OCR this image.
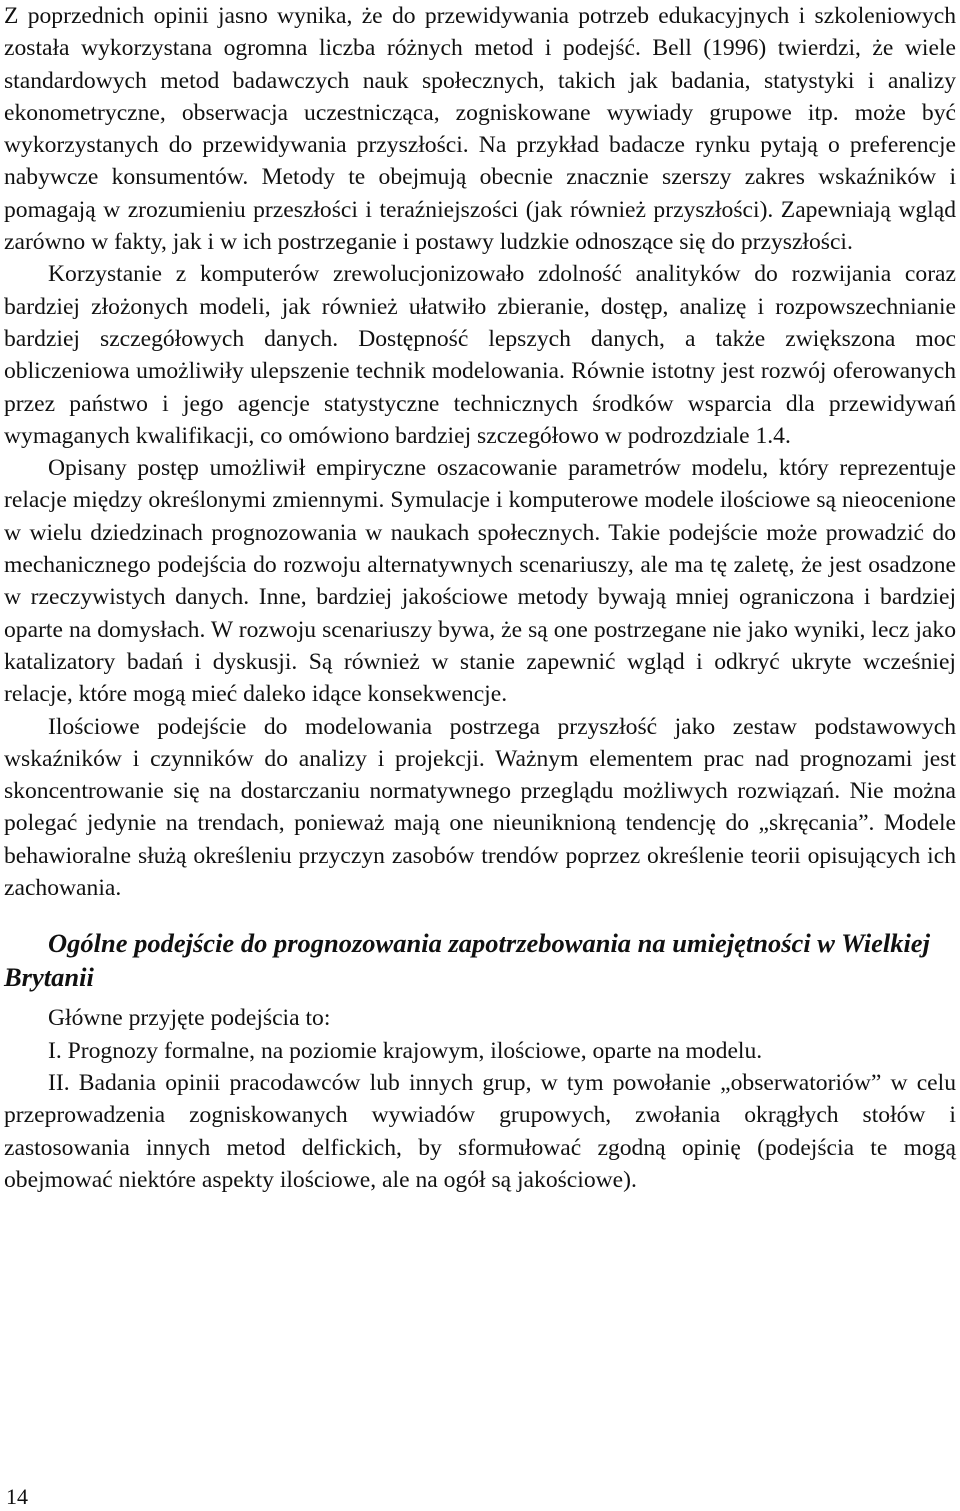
Z poprzednich opinii jasno wynika, że do przewidywania potrzeb edukacyjnych i szkoleniowych została wykorzystana ogromna liczba różnych metod i podejść. Bell (1996) twierdzi, że wiele standardowych metod badawczych nauk społecznych, takich jak badania, statystyki i analizy ekonometryczne, obserwacja uczestnicząca, zogniskowane wywiady grupowe itp. może być wykorzystanych do przewidywania przyszłości. Na przykład badacze rynku pytają o preferencje nabywcze konsumentów. Metody te obejmują obecnie znacznie szerszy zakres wskaźników i pomagają w zrozumieniu przeszłości i teraźniejszości (jak również przyszłości). Zapewniają wgląd zarówno w fakty, jak i w ich postrzeganie i postawy ludzkie odnoszące się do przyszłości.

Korzystanie z komputerów zrewolucjonizowało zdolność analityków do rozwijania coraz bardziej złożonych modeli, jak również ułatwiło zbieranie, dostęp, analizę i rozpowszechnianie bardziej szczegółowych danych. Dostępność lepszych danych, a także zwiększona moc obliczeniowa umożliwiły ulepszenie technik modelowania. Równie istotny jest rozwój oferowanych przez państwo i jego agencje statystyczne technicznych środków wsparcia dla przewidywań wymaganych kwalifikacji, co omówiono bardziej szczegółowo w podrozdziale 1.4.

Opisany postęp umożliwił empiryczne oszacowanie parametrów modelu, który reprezentuje relacje między określonymi zmiennymi. Symulacje i komputerowe modele ilościowe są nieocenione w wielu dziedzinach prognozowania w naukach społecznych. Takie podejście może prowadzić do mechanicznego podejścia do rozwoju alternatywnych scenariuszy, ale ma tę zaletę, że jest osadzone w rzeczywistych danych. Inne, bardziej jakościowe metody bywają mniej ograniczona i bardziej oparte na domysłach. W rozwoju scenariuszy bywa, że są one postrzegane nie jako wyniki, lecz jako katalizatory badań i dyskusji. Są również w stanie zapewnić wgląd i odkryć ukryte wcześniej relacje, które mogą mieć daleko idące konsekwencje.

Ilościowe podejście do modelowania postrzega przyszłość jako zestaw podstawowych wskaźników i czynników do analizy i projekcji. Ważnym elementem prac nad prognozami jest skoncentrowanie się na dostarczaniu normatywnego przeglądu możliwych rozwiązań. Nie można polegać jedynie na trendach, ponieważ mają one nieuniknioną tendencję do „skręcania”. Modele behawioralne służą określeniu przyczyn zasobów trendów poprzez określenie teorii opisujących ich zachowania.

Ogólne podejście do prognozowania zapotrzebowania na umiejętności w Wielkiej Brytanii

Główne przyjęte podejścia to:

I. Prognozy formalne, na poziomie krajowym, ilościowe, oparte na modelu.

II. Badania opinii pracodawców lub innych grup, w tym powołanie „obserwatoriów” w celu przeprowadzenia zogniskowanych wywiadów grupowych, zwołania okrągłych stołów i zastosowania innych metod delfickich, by sformułować zgodną opinię (podejścia te mogą obejmować niektóre aspekty ilościowe, ale na ogół są jakościowe).

14
